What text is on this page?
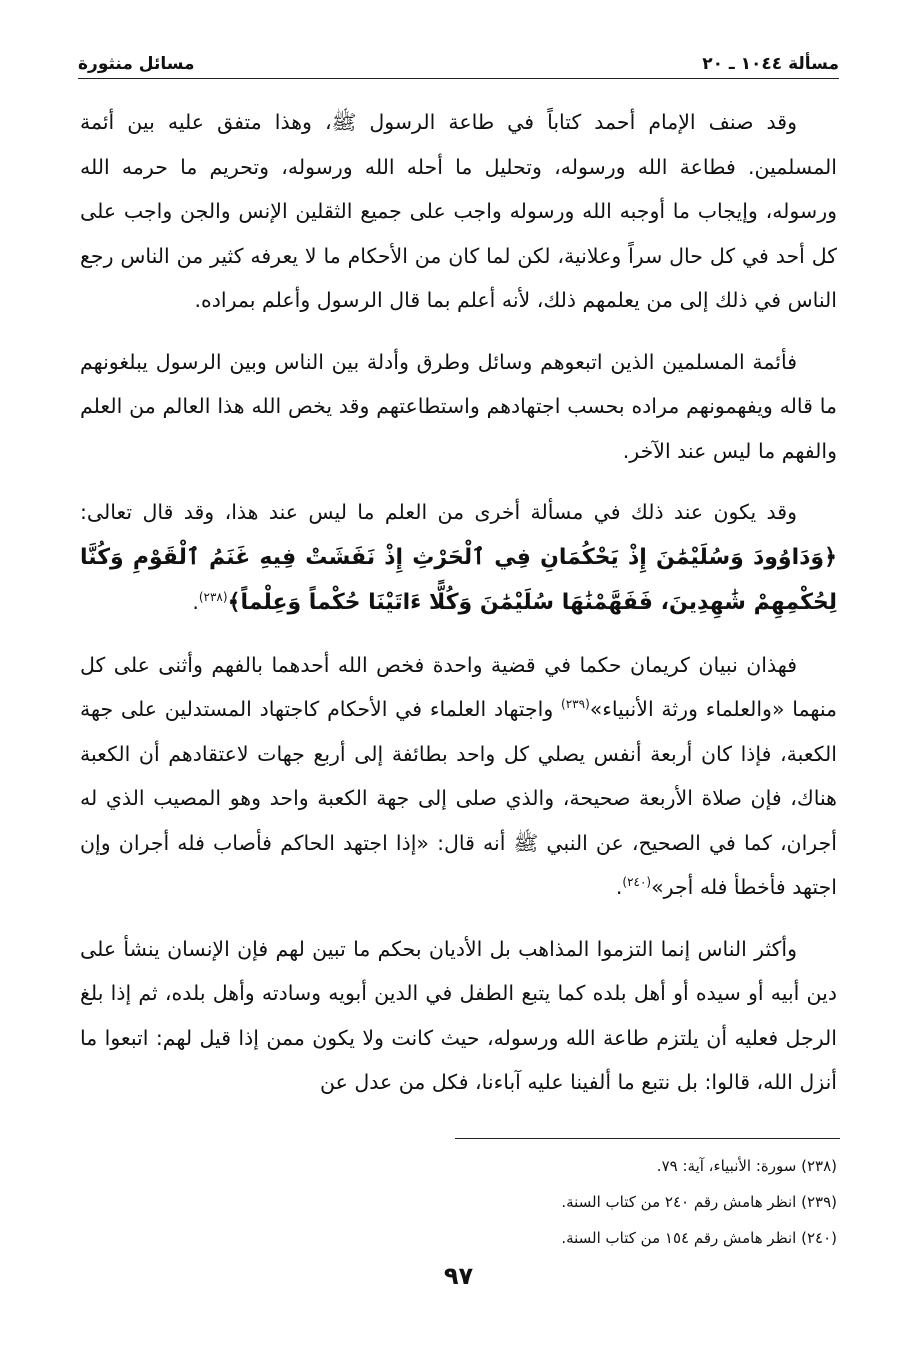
مسألة ١٠٤٤ ـ ٢٠
مسائل منثورة

وقد صنف الإمام أحمد كتاباً في طاعة الرسول ﷺ، وهذا متفق عليه بين أئمة المسلمين. فطاعة الله ورسوله، وتحليل ما أحله الله ورسوله، وتحريم ما حرمه الله ورسوله، وإيجاب ما أوجبه الله ورسوله واجب على جميع الثقلين الإنس والجن واجب على كل أحد في كل حال سراً وعلانية، لكن لما كان من الأحكام ما لا يعرفه كثير من الناس رجع الناس في ذلك إلى من يعلمهم ذلك، لأنه أعلم بما قال الرسول وأعلم بمراده.

فأئمة المسلمين الذين اتبعوهم وسائل وطرق وأدلة بين الناس وبين الرسول يبلغونهم ما قاله ويفهمونهم مراده بحسب اجتهادهم واستطاعتهم وقد يخص الله هذا العالم من العلم والفهم ما ليس عند الآخر.

وقد يكون عند ذلك في مسألة أخرى من العلم ما ليس عند هذا، وقد قال تعالى: ﴿وَدَاوُودَ وَسُلَيْمَٰنَ إِذْ يَحْكُمَانِ فِي ٱلْحَرْثِ إِذْ نَفَشَتْ فِيهِ غَنَمُ ٱلْقَوْمِ وَكُنَّا لِحُكْمِهِمْ شَٰهِدِينَ، فَفَهَّمْنَٰهَا سُلَيْمَٰنَ وَكُلًّا ءَاتَيْنَا حُكْماً وَعِلْماً﴾$^{(٢٣٨)}$.

فهذان نبيان كريمان حكما في قضية واحدة فخص الله أحدهما بالفهم وأثنى على كل منهما «والعلماء ورثة الأنبياء»$^{(٢٣٩)}$ واجتهاد العلماء في الأحكام كاجتهاد المستدلين على جهة الكعبة، فإذا كان أربعة أنفس يصلي كل واحد بطائفة إلى أربع جهات لاعتقادهم أن الكعبة هناك، فإن صلاة الأربعة صحيحة، والذي صلى إلى جهة الكعبة واحد وهو المصيب الذي له أجران، كما في الصحيح، عن النبي ﷺ أنه قال: «إذا اجتهد الحاكم فأصاب فله أجران وإن اجتهد فأخطأ فله أجر»$^{(٢٤٠)}$.

وأكثر الناس إنما التزموا المذاهب بل الأديان بحكم ما تبين لهم فإن الإنسان ينشأ على دين أبيه أو سيده أو أهل بلده كما يتبع الطفل في الدين أبويه وسادته وأهل بلده، ثم إذا بلغ الرجل فعليه أن يلتزم طاعة الله ورسوله، حيث كانت ولا يكون ممن إذا قيل لهم: اتبعوا ما أنزل الله، قالوا: بل نتبع ما ألفينا عليه آباءنا، فكل من عدل عن

(٢٣٨) سورة: الأنبياء، آية: ٧٩.

(٢٣٩) انظر هامش رقم ٢٤٠ من كتاب السنة.

(٢٤٠) انظر هامش رقم ١٥٤ من كتاب السنة.

٩٧
